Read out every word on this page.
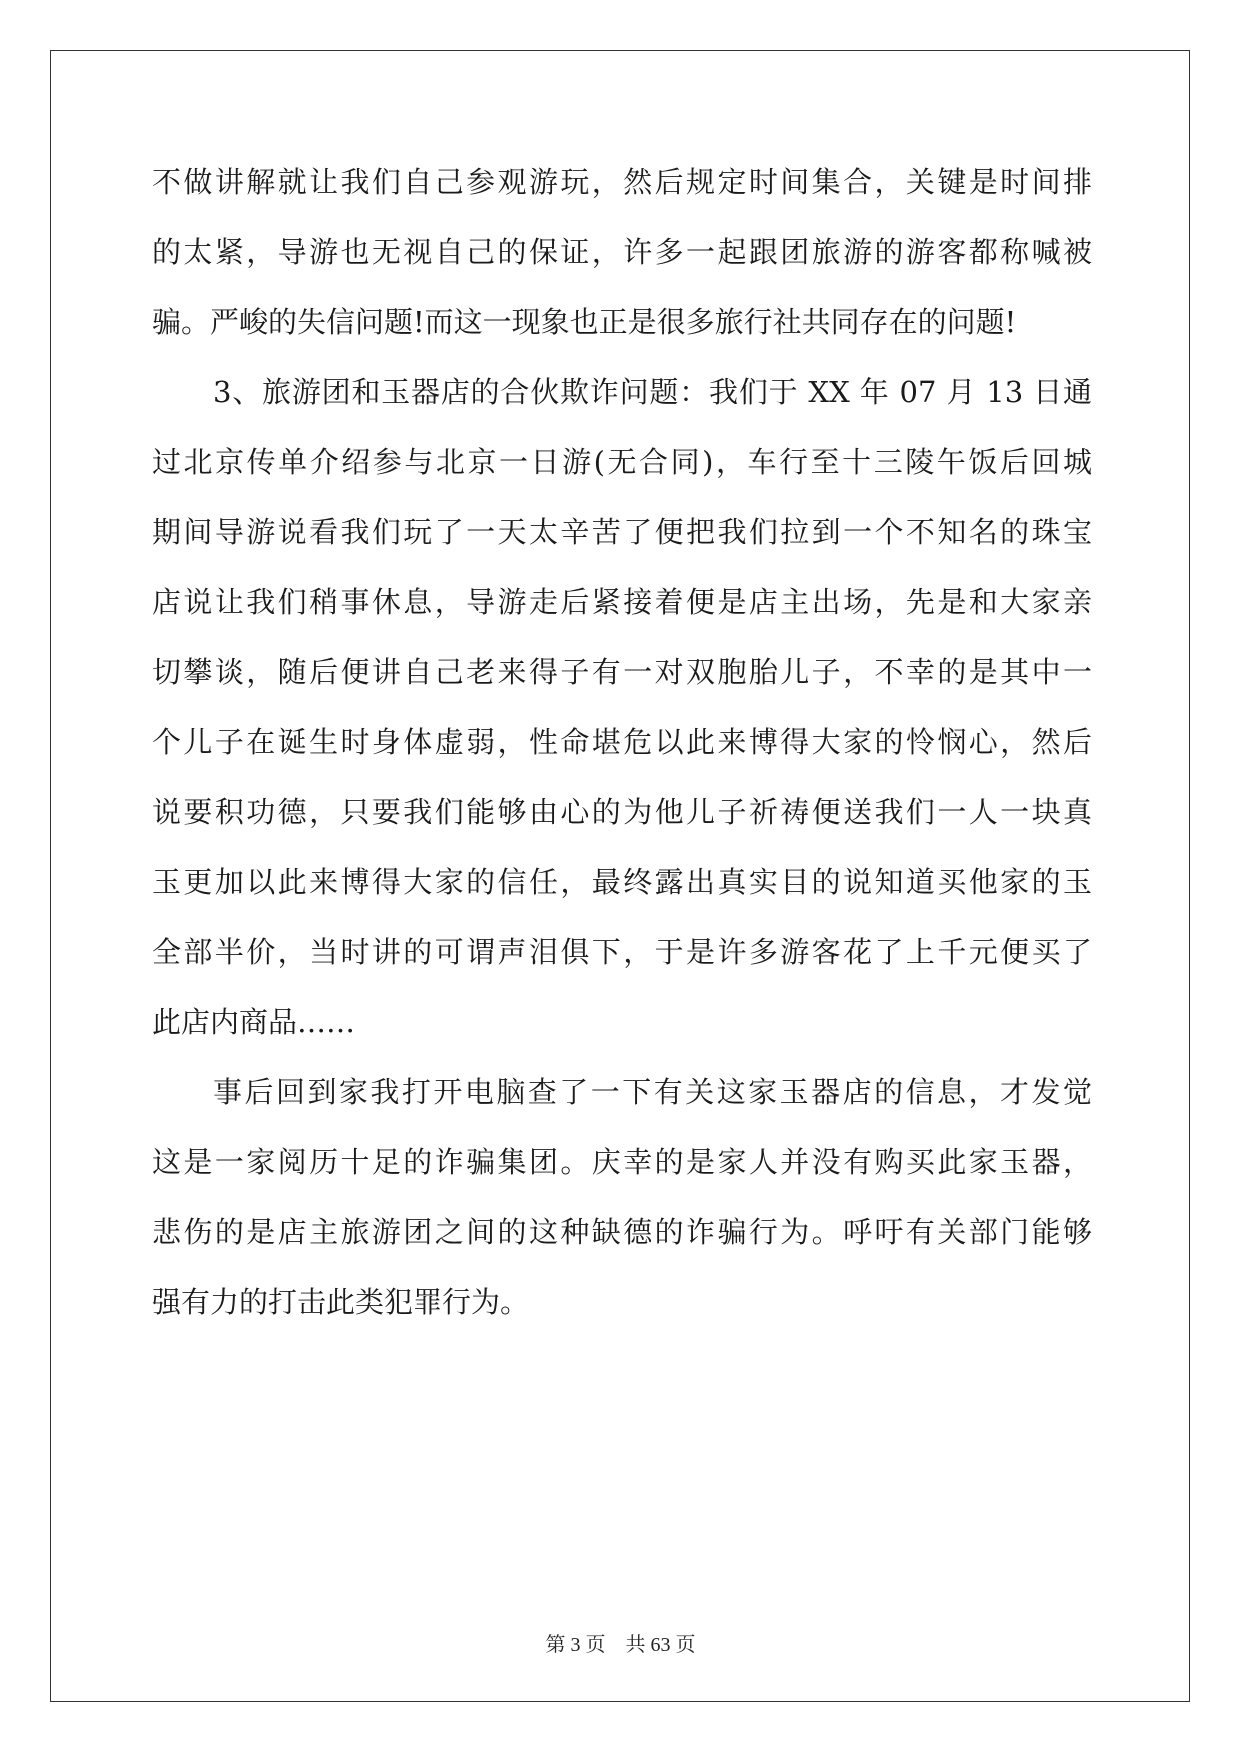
不做讲解就让我们自己参观游玩，然后规定时间集合，关键是时间排
的太紧，导游也无视自己的保证，许多一起跟团旅游的游客都称喊被
骗。严峻的失信问题!而这一现象也正是很多旅行社共同存在的问题!
3、旅游团和玉器店的合伙欺诈问题：我们于 XX 年 07 月 13 日通
过北京传单介绍参与北京一日游(无合同)，车行至十三陵午饭后回城
期间导游说看我们玩了一天太辛苦了便把我们拉到一个不知名的珠宝
店说让我们稍事休息，导游走后紧接着便是店主出场，先是和大家亲
切攀谈，随后便讲自己老来得子有一对双胞胎儿子，不幸的是其中一
个儿子在诞生时身体虚弱，性命堪危以此来博得大家的怜悯心，然后
说要积功德，只要我们能够由心的为他儿子祈祷便送我们一人一块真
玉更加以此来博得大家的信任，最终露出真实目的说知道买他家的玉
全部半价，当时讲的可谓声泪俱下，于是许多游客花了上千元便买了
此店内商品……
事后回到家我打开电脑查了一下有关这家玉器店的信息，才发觉
这是一家阅历十足的诈骗集团。庆幸的是家人并没有购买此家玉器，
悲伤的是店主旅游团之间的这种缺德的诈骗行为。呼吁有关部门能够
强有力的打击此类犯罪行为。
第 3 页    共 63 页
